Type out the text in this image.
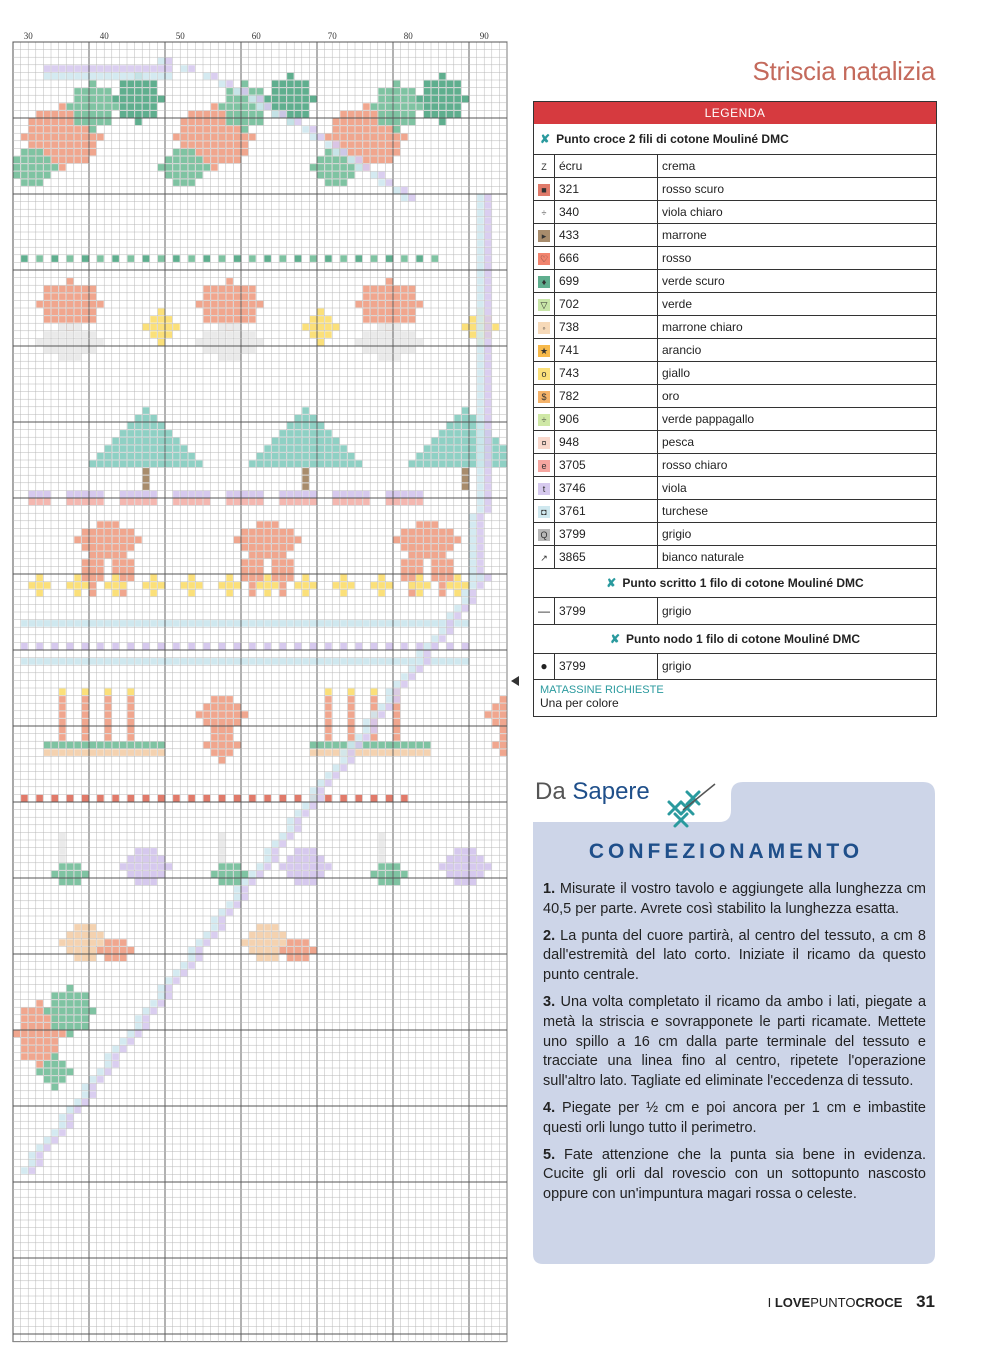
30	40	50	60	70	80	90
Striscia natalizia
LEGENDA
✘ Punto croce 2 fili di cotone Mouliné DMC
Z	écru	crema
■	321	rosso scuro
÷	340	viola chiaro
▸	433	marrone
♡	666	rosso
♦	699	verde scuro
▽	702	verde
◦	738	marrone chiaro
★	741	arancio
o	743	giallo
$	782	oro
÷	906	verde pappagallo
¤	948	pesca
e	3705	rosso chiaro
t	3746	viola
◘	3761	turchese
Q	3799	grigio
↗	3865	bianco naturale
✘ Punto scritto 1 filo di cotone Mouliné DMC
—	3799	grigio
✘ Punto nodo 1 filo di cotone Mouliné DMC
●	3799	grigio
MATASSINE RICHIESTE
Una per colore
Da Sapere
CONFEZIONAMENTO

1. Misurate il vostro tavolo e aggiungete alla lunghezza cm 40,5 per parte. Avrete così stabilito la lunghezza esatta.

2. La punta del cuore partirà, al centro del tessuto, a cm 8 dall'estremità del lato corto. Iniziate il ricamo da questo punto centrale.

3. Una volta completato il ricamo da ambo i lati, piegate a metà la striscia e sovrapponete le parti ricamate. Mettete uno spillo a 16 cm dalla parte terminale del tessuto e tracciate una linea fino al centro, ripetete l'operazione sull'altro lato. Tagliate ed eliminate l'eccedenza di tessuto.

4. Piegate per ½ cm e poi ancora per 1 cm e imbastite questi orli lungo tutto il perimetro.

5. Fate attenzione che la punta sia bene in evidenza. Cucite gli orli dal rovescio con un sottopunto nascosto oppure con un'impuntura magari rossa o celeste.

I LOVEPUNTOCROCE 31
